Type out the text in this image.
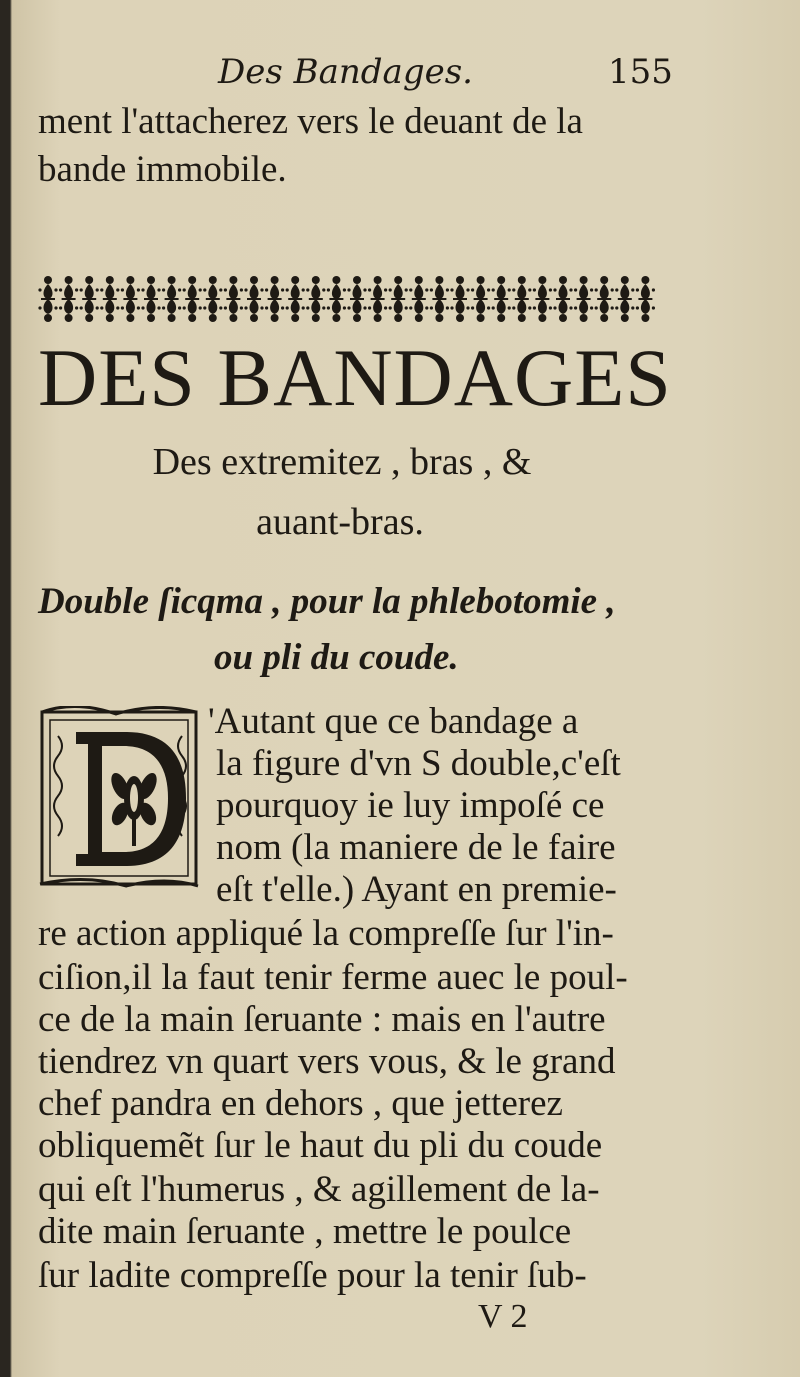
Des Bandages.	155
ment l'attacherez vers le deuant de la
bande immobile.
DES BANDAGES
Des extremitez , bras , &
auant-bras.
Double ſicqma , pour la phlebotomie ,
ou pli du coude.
'Autant que ce bandage a
la figure d'vn S double,c'eſt
pourquoy ie luy impoſé ce
nom (la maniere de le faire
eſt t'elle.) Ayant en premie-
re action appliqué la compreſſe ſur l'in-
ciſion,il la faut tenir ferme auec le poul-
ce de la main ſeruante : mais en l'autre
tiendrez vn quart vers vous, & le grand
chef pandra en dehors , que jetterez
obliquemẽt ſur le haut du pli du coude
qui eſt l'humerus , & agillement de la-
dite main ſeruante , mettre le poulce
ſur ladite compreſſe pour la tenir ſub-
V 2
